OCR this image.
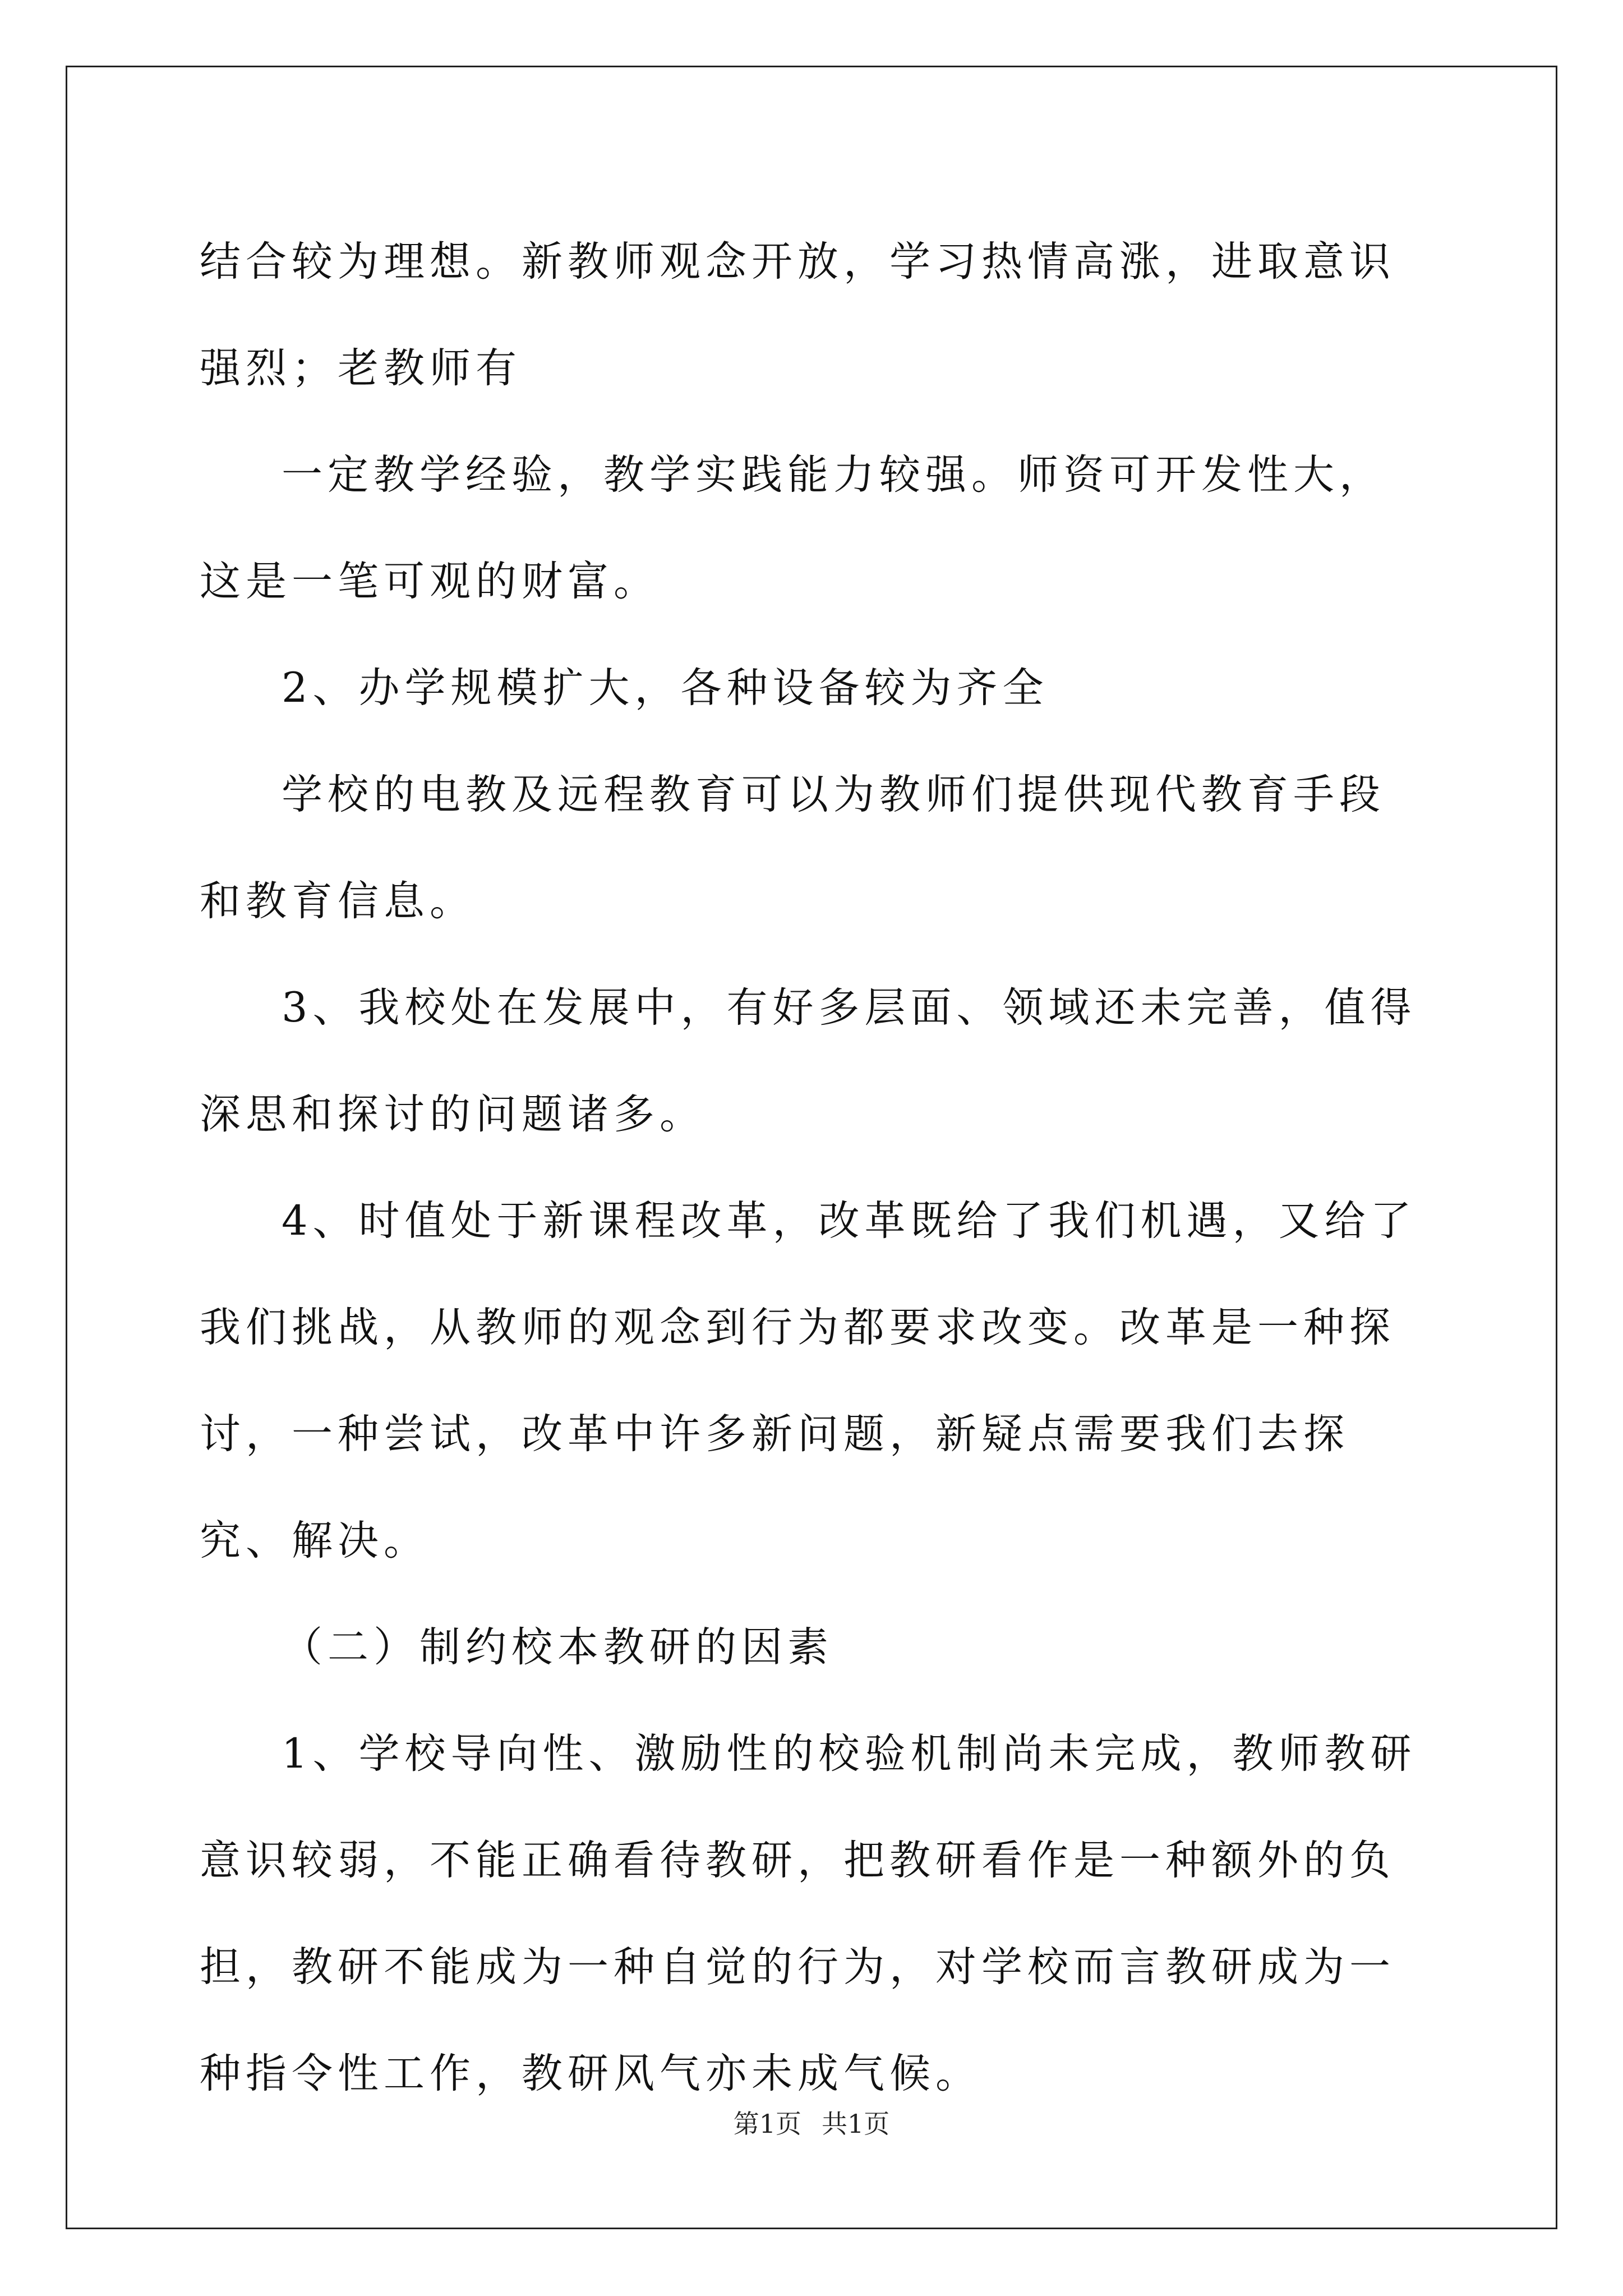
结合较为理想。新教师观念开放，学习热情高涨，进取意识强烈；老教师有

一定教学经验，教学实践能力较强。师资可开发性大，这是一笔可观的财富。

2、办学规模扩大，各种设备较为齐全

学校的电教及远程教育可以为教师们提供现代教育手段和教育信息。

3、我校处在发展中，有好多层面、领域还未完善，值得深思和探讨的问题诸多。

4、时值处于新课程改革，改革既给了我们机遇，又给了我们挑战，从教师的观念到行为都要求改变。改革是一种探讨，一种尝试，改革中许多新问题，新疑点需要我们去探究、解决。

（二）制约校本教研的因素

1、学校导向性、激励性的校验机制尚未完成，教师教研意识较弱，不能正确看待教研，把教研看作是一种额外的负担，教研不能成为一种自觉的行为，对学校而言教研成为一种指令性工作，教研风气亦未成气候。

第1页 共1页
